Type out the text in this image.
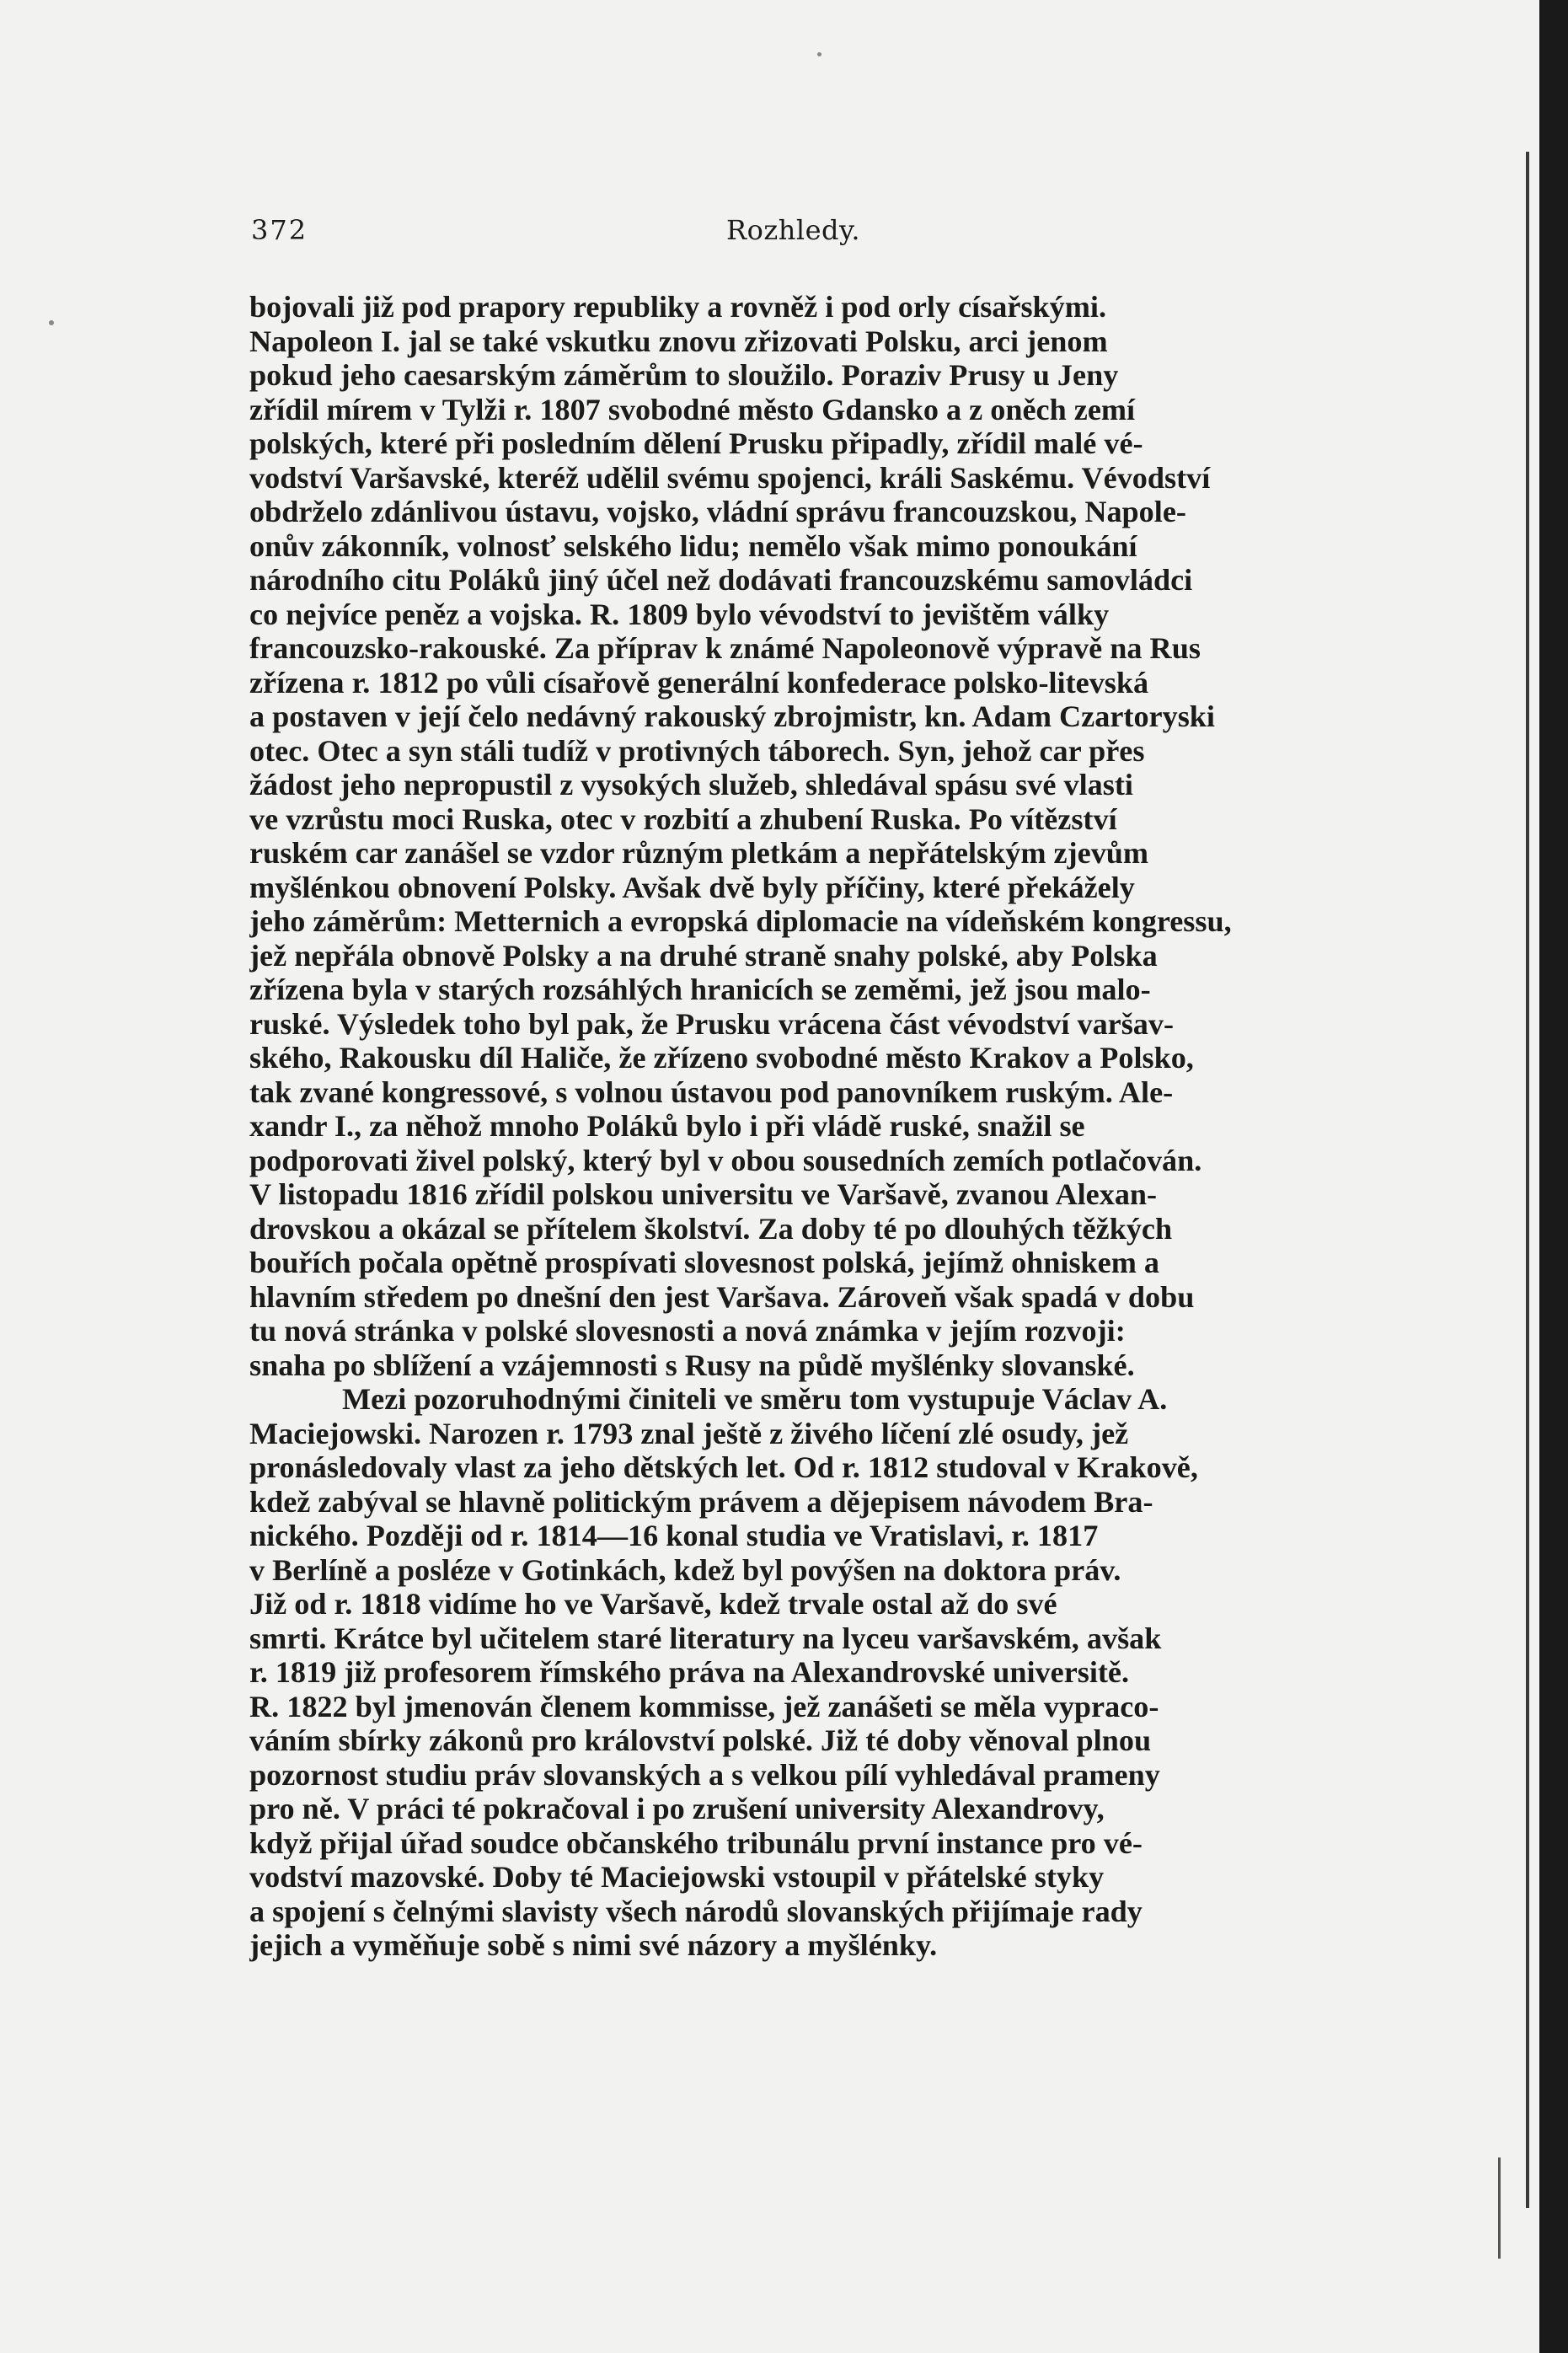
372	Rozhledy.
bojovali již pod prapory republiky a rovněž i pod orly císařskými.
Napoleon I. jal se také vskutku znovu zřizovati Polsku, arci jenom
pokud jeho caesarským záměrům to sloužilo. Poraziv Prusy u Jeny
zřídil mírem v Tylži r. 1807 svobodné město Gdansko a z oněch zemí
polských, které při posledním dělení Prusku připadly, zřídil malé vé-
vodství Varšavské, kteréž udělil svému spojenci, králi Saskému. Vévodství
obdrželo zdánlivou ústavu, vojsko, vládní správu francouzskou, Napole-
onův zákonník, volnosť selského lidu; nemělo však mimo ponoukání
národního citu Poláků jiný účel než dodávati francouzskému samovládci
co nejvíce peněz a vojska. R. 1809 bylo vévodství to jevištěm války
francouzsko-rakouské. Za příprav k známé Napoleonově výpravě na Rus
zřízena r. 1812 po vůli císařově generální konfederace polsko-litevská
a postaven v její čelo nedávný rakouský zbrojmistr, kn. Adam Czartoryski
otec. Otec a syn stáli tudíž v protivných táborech. Syn, jehož car přes
žádost jeho nepropustil z vysokých služeb, shledával spásu své vlasti
ve vzrůstu moci Ruska, otec v rozbití a zhubení Ruska. Po vítězství
ruském car zanášel se vzdor různým pletkám a nepřátelským zjevům
myšlénkou obnovení Polsky. Avšak dvě byly příčiny, které překážely
jeho záměrům: Metternich a evropská diplomacie na vídeňském kongressu,
jež nepřála obnově Polsky a na druhé straně snahy polské, aby Polska
zřízena byla v starých rozsáhlých hranicích se zeměmi, jež jsou malo-
ruské. Výsledek toho byl pak, že Prusku vrácena část vévodství varšav-
ského, Rakousku díl Haliče, že zřízeno svobodné město Krakov a Polsko,
tak zvané kongressové, s volnou ústavou pod panovníkem ruským. Ale-
xandr I., za něhož mnoho Poláků bylo i při vládě ruské, snažil se
podporovati živel polský, který byl v obou sousedních zemích potlačován.
V listopadu 1816 zřídil polskou universitu ve Varšavě, zvanou Alexan-
drovskou a okázal se přítelem školství. Za doby té po dlouhých těžkých
bouřích počala opětně prospívati slovesnost polská, jejímž ohniskem a
hlavním středem po dnešní den jest Varšava. Zároveň však spadá v dobu
tu nová stránka v polské slovesnosti a nová známka v jejím rozvoji:
snaha po sblížení a vzájemnosti s Rusy na půdě myšlénky slovanské.
Mezi pozoruhodnými činiteli ve směru tom vystupuje Václav A.
Maciejowski. Narozen r. 1793 znal ještě z živého líčení zlé osudy, jež
pronásledovaly vlast za jeho dětských let. Od r. 1812 studoval v Krakově,
kdež zabýval se hlavně politickým právem a dějepisem návodem Bra-
nického. Později od r. 1814—16 konal studia ve Vratislavi, r. 1817
v Berlíně a posléze v Gotinkách, kdež byl povýšen na doktora práv.
Již od r. 1818 vidíme ho ve Varšavě, kdež trvale ostal až do své
smrti. Krátce byl učitelem staré literatury na lyceu varšavském, avšak
r. 1819 již profesorem římského práva na Alexandrovské universitě.
R. 1822 byl jmenován členem kommisse, jež zanášeti se měla vypraco-
váním sbírky zákonů pro království polské. Již té doby věnoval plnou
pozornost studiu práv slovanských a s velkou pílí vyhledával prameny
pro ně. V práci té pokračoval i po zrušení university Alexandrovy,
když přijal úřad soudce občanského tribunálu první instance pro vé-
vodství mazovské. Doby té Maciejowski vstoupil v přátelské styky
a spojení s čelnými slavisty všech národů slovanských přijímaje rady
jejich a vyměňuje sobě s nimi své názory a myšlénky.
